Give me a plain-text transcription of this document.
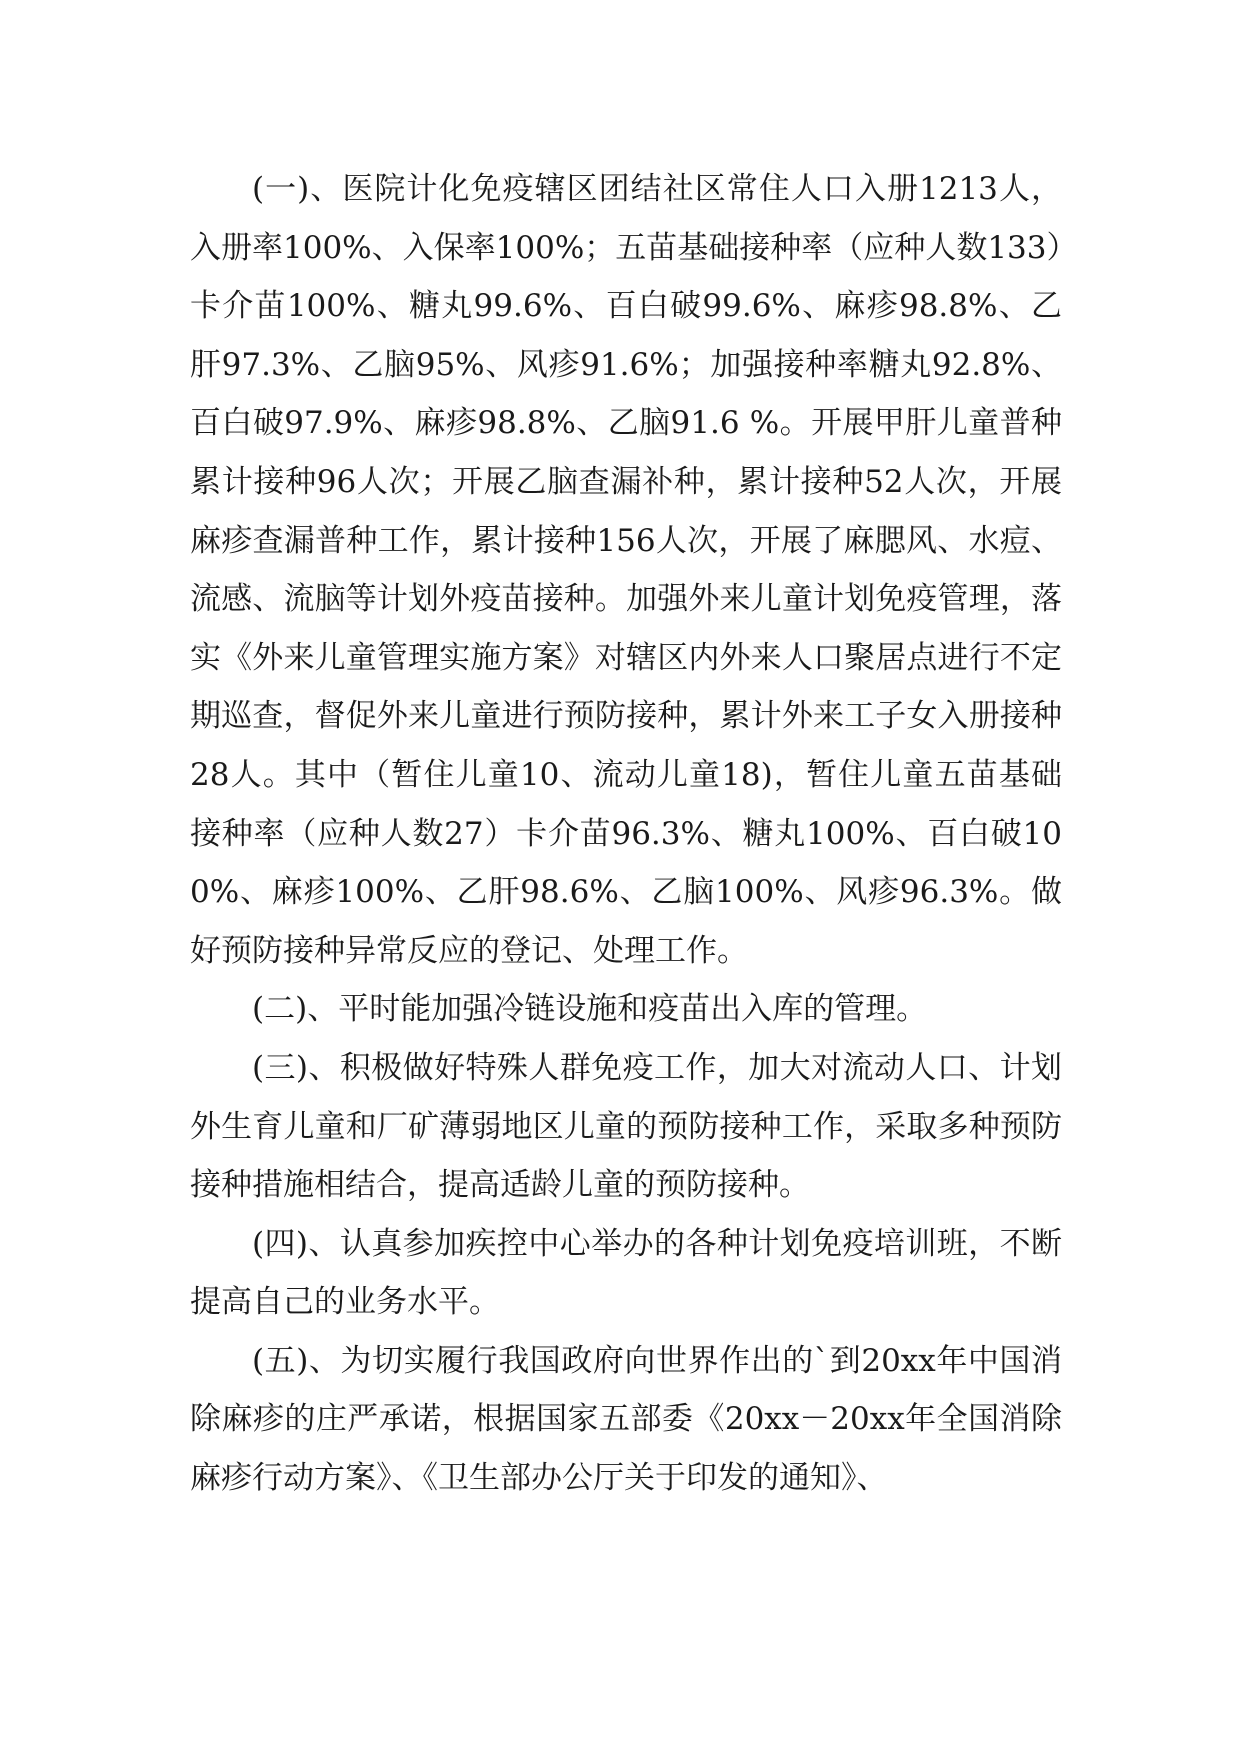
(一)、医院计化免疫辖区团结社区常住人口入册1213人，入册率100%、入保率100%；五苗基础接种率（应种人数133）卡介苗100%、糖丸99.6%、百白破99.6%、麻疹98.8%、乙肝97.3%、乙脑95%、风疹91.6%；加强接种率糖丸92.8%、百白破97.9%、麻疹98.8%、乙脑91.6 %。开展甲肝儿童普种累计接种96人次；开展乙脑查漏补种，累计接种52人次，开展麻疹查漏普种工作，累计接种156人次，开展了麻腮风、水痘、流感、流脑等计划外疫苗接种。加强外来儿童计划免疫管理，落实《外来儿童管理实施方案》对辖区内外来人口聚居点进行不定期巡查，督促外来儿童进行预防接种，累计外来工子女入册接种28人。其中（暂住儿童10、流动儿童18)，暂住儿童五苗基础接种率（应种人数27）卡介苗96.3%、糖丸100%、百白破100%、麻疹100%、乙肝98.6%、乙脑100%、风疹96.3%。做好预防接种异常反应的登记、处理工作。

(二)、平时能加强冷链设施和疫苗出入库的管理。

(三)、积极做好特殊人群免疫工作，加大对流动人口、计划外生育儿童和厂矿薄弱地区儿童的预防接种工作，采取多种预防接种措施相结合，提高适龄儿童的预防接种。

(四)、认真参加疾控中心举办的各种计划免疫培训班，不断提高自己的业务水平。

(五)、为切实履行我国政府向世界作出的`到20xx年中国消除麻疹的庄严承诺，根据国家五部委《20xx－20xx年全国消除麻疹行动方案》、《卫生部办公厅关于印发的通知》、
